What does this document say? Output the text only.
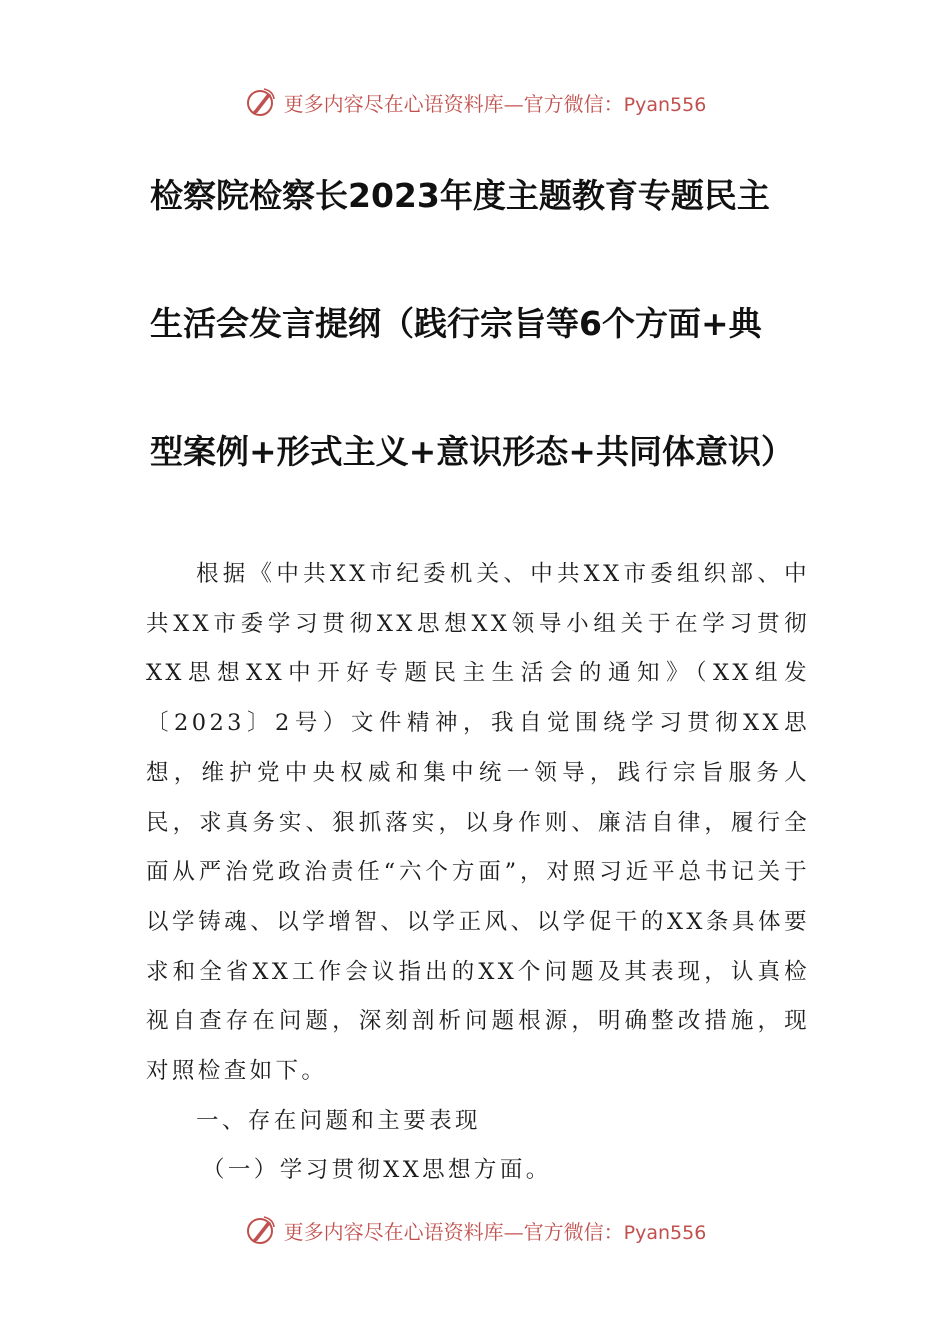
更多内容尽在心语资料库—官方微信：Pyan556
检察院检察长2023年度主题教育专题民主
生活会发言提纲（践行宗旨等6个方面+典
型案例+形式主义+意识形态+共同体意识）

根据《中共XX市纪委机关、中共XX市委组织部、中共XX市委学习贯彻XX思想XX领导小组关于在学习贯彻XX思想XX中开好专题民主生活会的通知》（XX组发〔2023〕2号）文件精神，我自觉围绕学习贯彻XX思想，维护党中央权威和集中统一领导，践行宗旨服务人民，求真务实、狠抓落实，以身作则、廉洁自律，履行全面从严治党政治责任“六个方面”，对照习近平总书记关于以学铸魂、以学增智、以学正风、以学促干的XX条具体要求和全省XX工作会议指出的XX个问题及其表现，认真检视自查存在问题，深刻剖析问题根源，明确整改措施，现对照检查如下。

一、存在问题和主要表现

（一）学习贯彻XX思想方面。

更多内容尽在心语资料库—官方微信：Pyan556
